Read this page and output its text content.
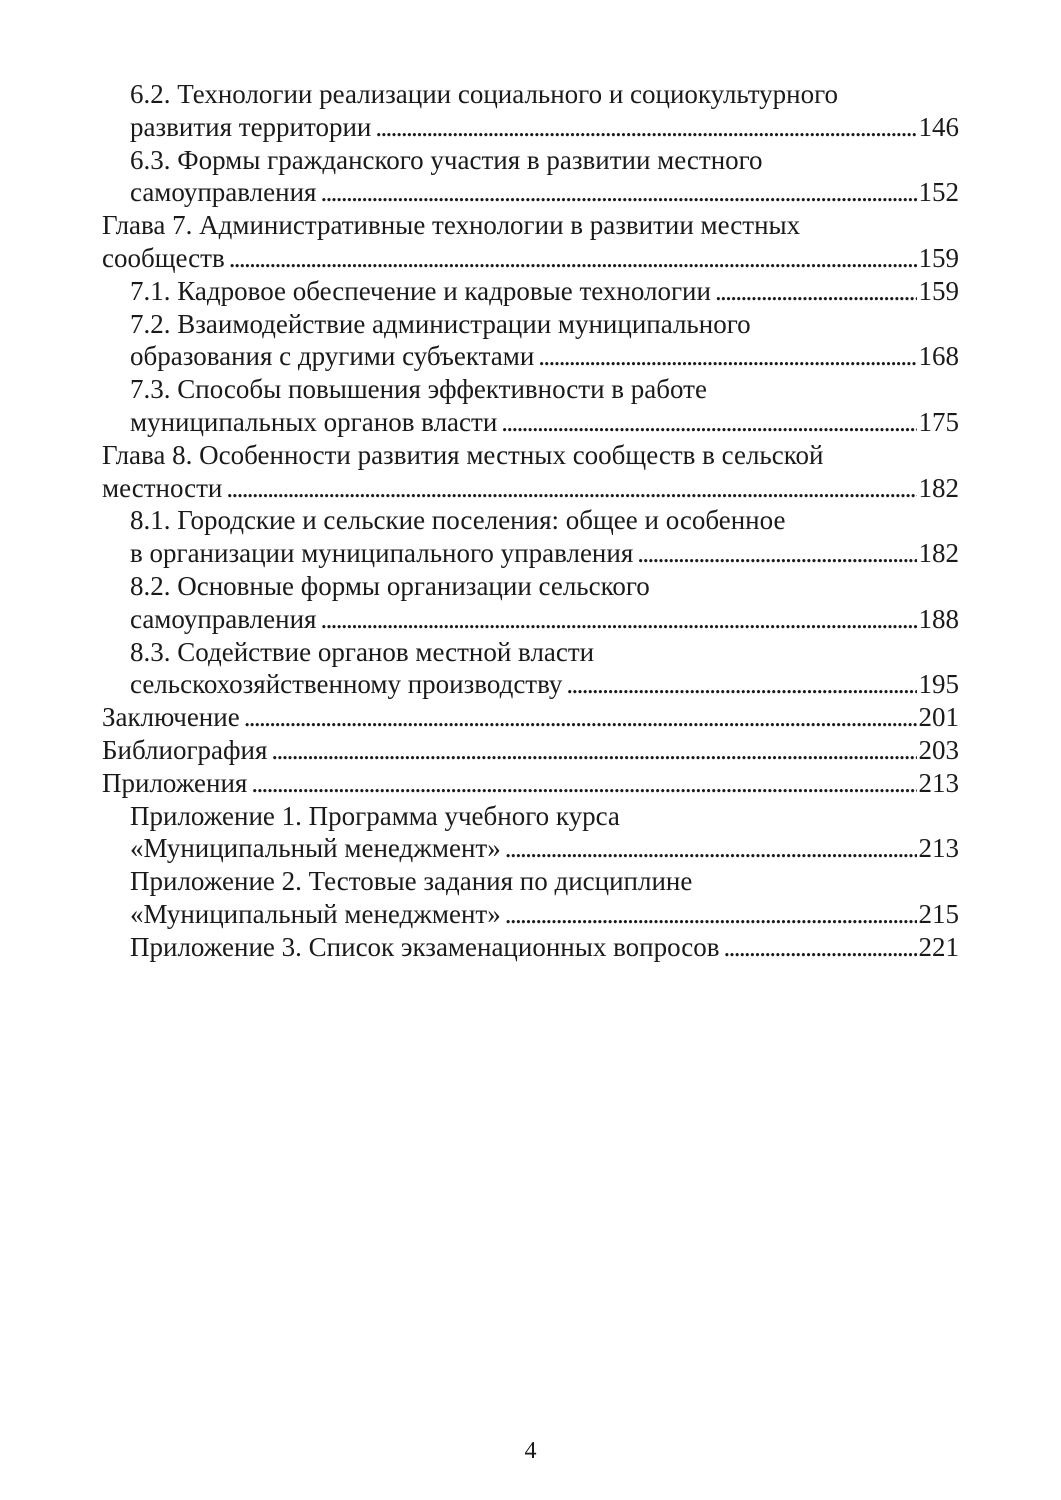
6.2. Технологии реализации социального и социокультурного
развития территории . . .	146
6.3. Формы гражданского участия в развитии местного
самоуправления . . .	152
Глава 7. Административные технологии в развитии местных
сообществ . . .	159
7.1. Кадровое обеспечение и кадровые технологии . . .	159
7.2. Взаимодействие администрации муниципального
образования с другими субъектами . . .	168
7.3. Способы повышения эффективности в работе
муниципальных органов власти . . .	175
Глава 8. Особенности развития местных сообществ в сельской
местности . . .	182
8.1. Городские и сельские поселения: общее и особенное
в организации муниципального управления . . .	182
8.2. Основные формы организации сельского
самоуправления . . .	188
8.3. Содействие органов местной власти
сельскохозяйственному производству . . .	195
Заключение . . .	201
Библиография . . .	203
Приложения . . .	213
Приложение 1. Программа учебного курса
«Муниципальный менеджмент» . . .	213
Приложение 2. Тестовые задания по дисциплине
«Муниципальный менеджмент» . . .	215
Приложение 3. Список экзаменационных вопросов . . .	221
4
